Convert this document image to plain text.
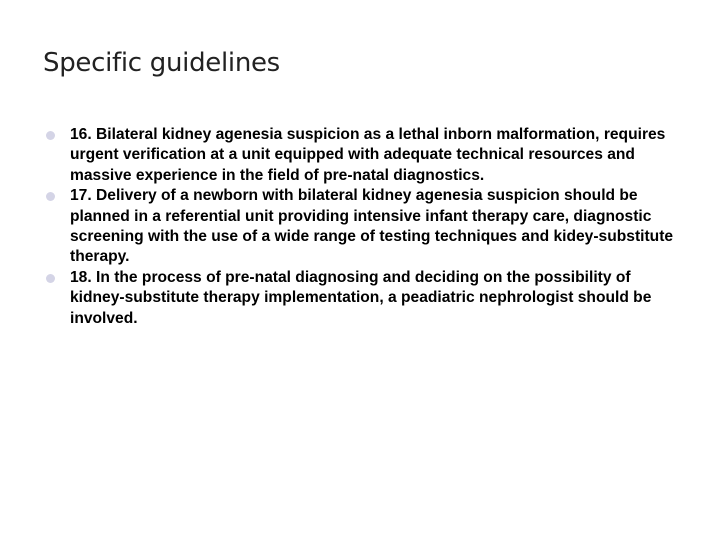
Specific guidelines
16. Bilateral kidney agenesia suspicion as a lethal inborn malformation, requires urgent verification at a unit equipped with adequate technical resources and massive experience in the field of pre-natal diagnostics.
17. Delivery of a newborn with bilateral kidney agenesia suspicion should be planned in a referential unit providing intensive infant therapy care, diagnostic screening with the use of a wide range of testing techniques and kidey-substitute therapy.
18. In the process of pre-natal diagnosing and deciding on the possibility of kidney-substitute therapy implementation, a peadiatric nephrologist should be involved.
